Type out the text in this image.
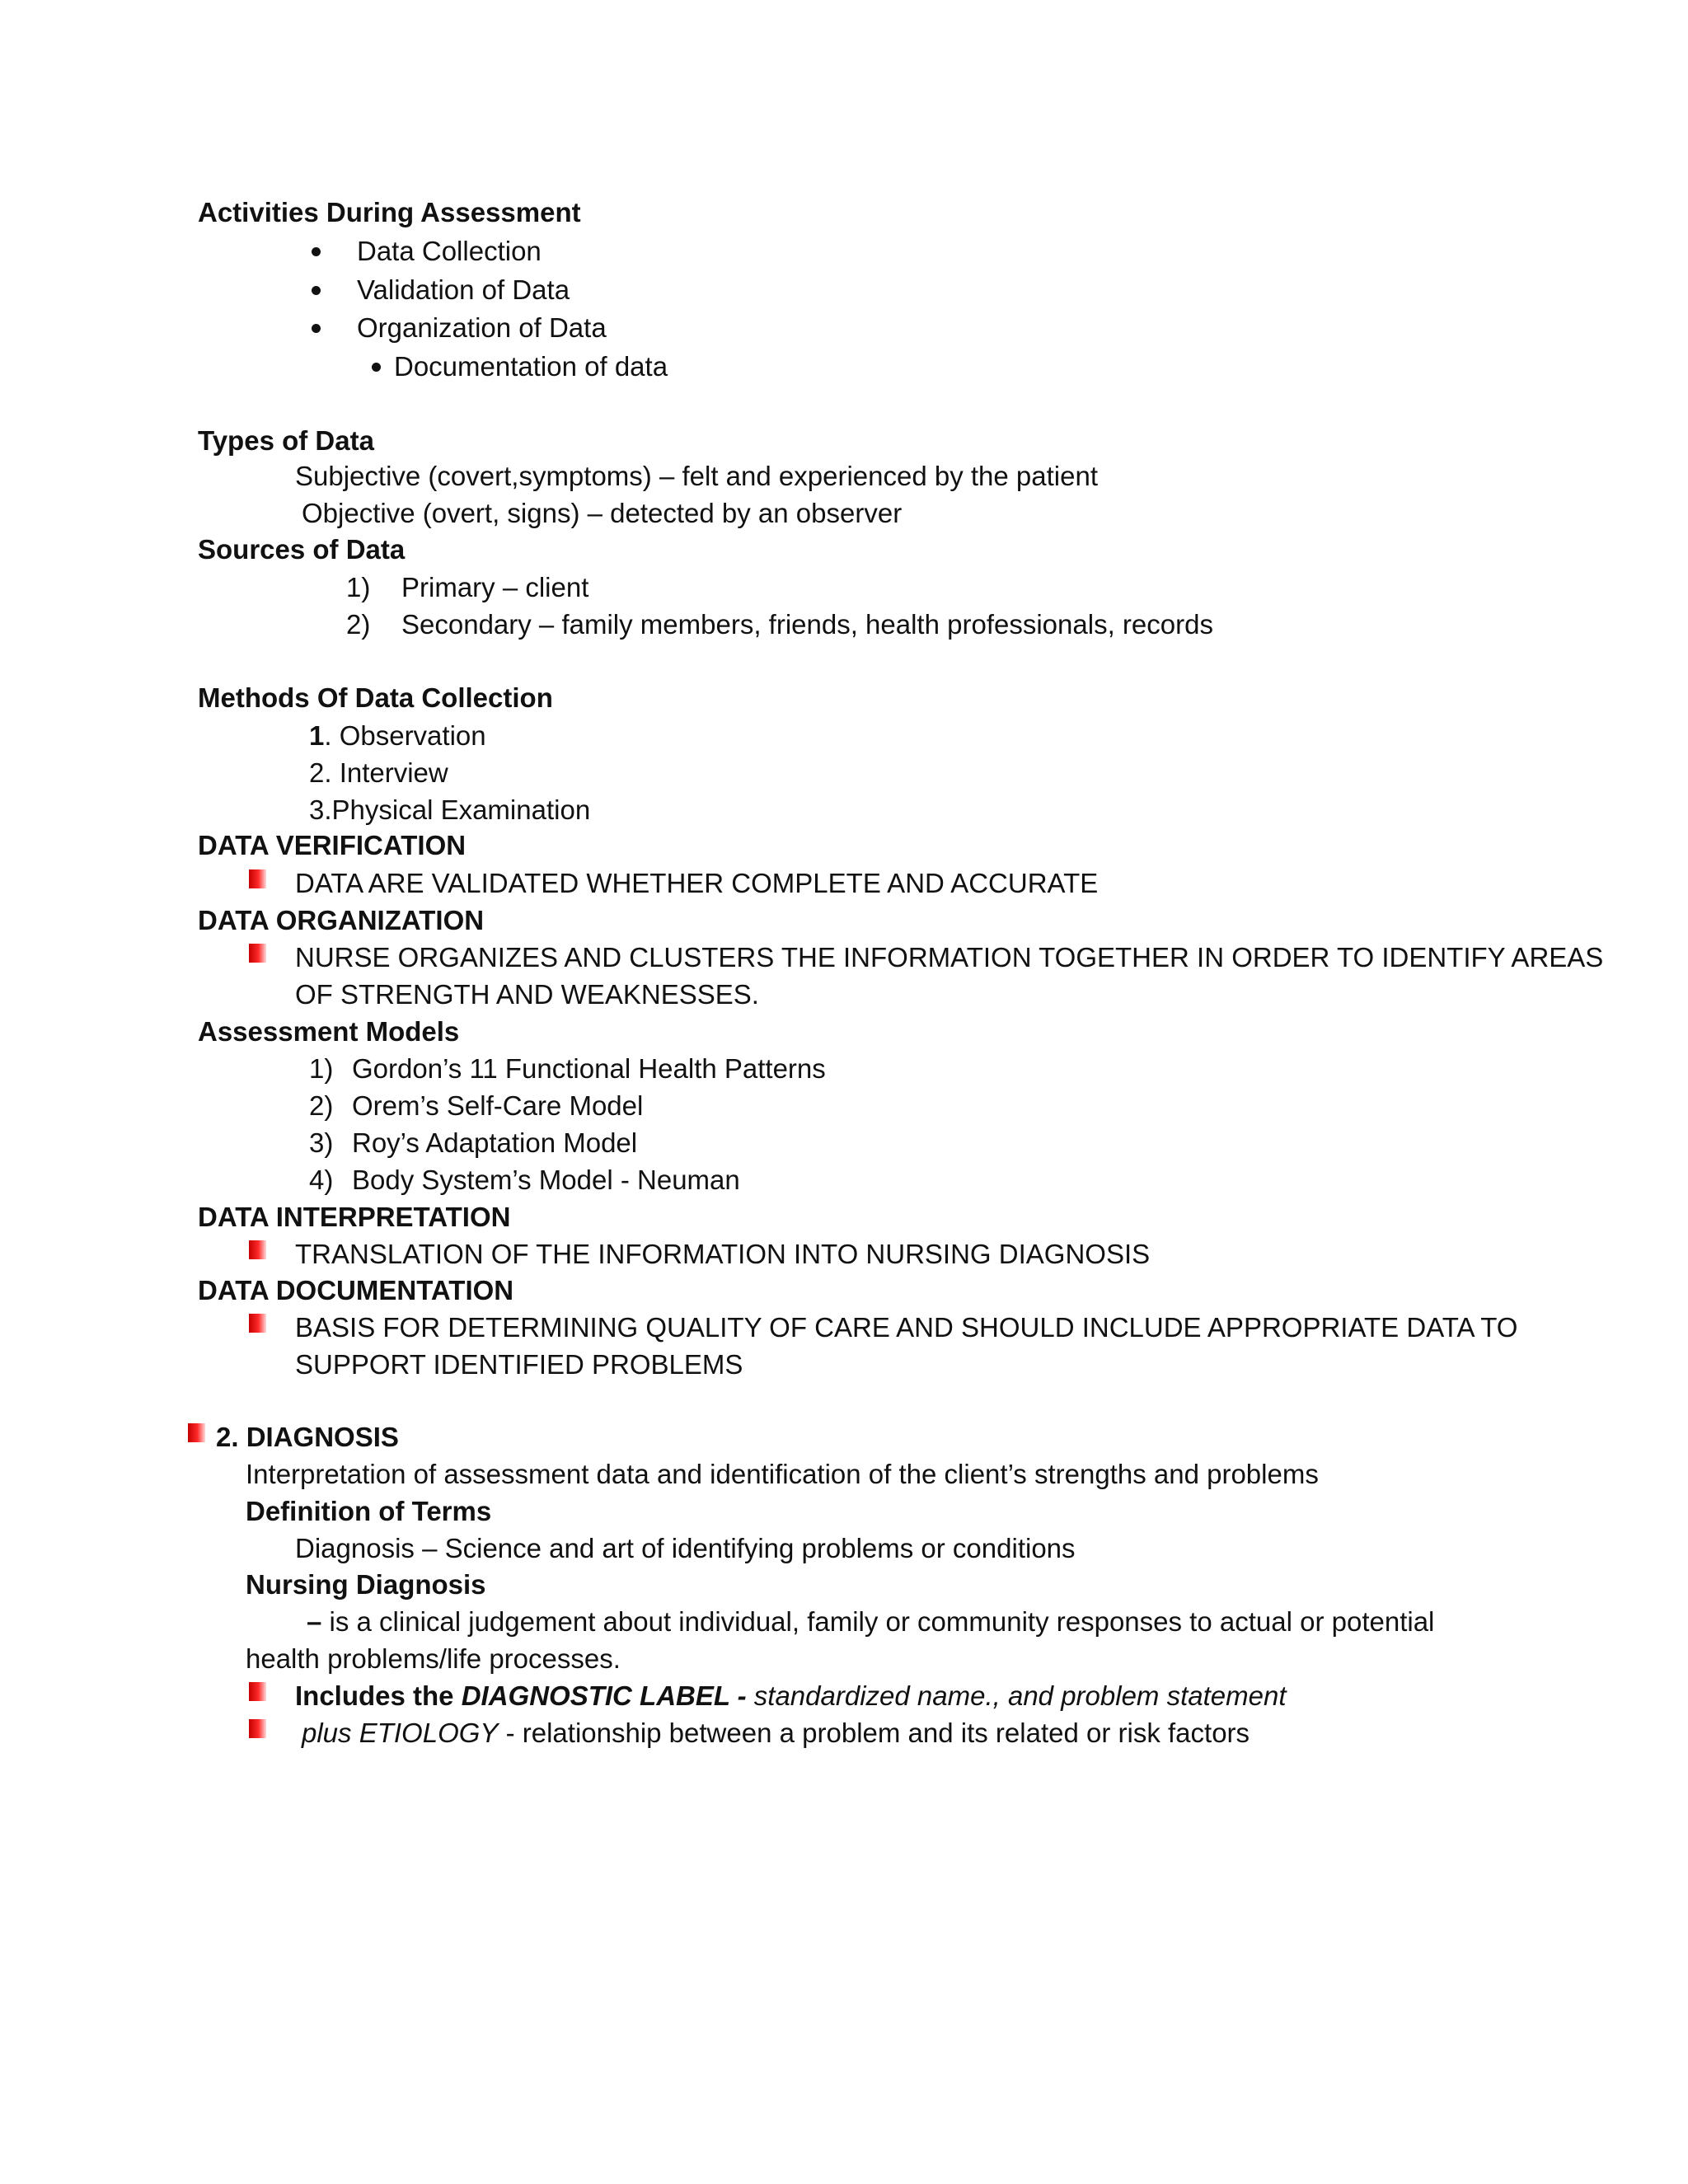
Activities During Assessment
Data Collection
Validation of Data
Organization of Data
Documentation of data
Types of Data
Subjective (covert,symptoms) – felt and experienced by the patient
Objective (overt, signs) – detected by an observer
Sources of Data
1) Primary – client
2) Secondary – family members, friends, health professionals, records
Methods Of Data Collection
1. Observation
2. Interview
3.Physical Examination
DATA VERIFICATION
DATA ARE VALIDATED WHETHER COMPLETE AND ACCURATE
DATA ORGANIZATION
NURSE ORGANIZES AND CLUSTERS THE INFORMATION TOGETHER IN ORDER TO IDENTIFY AREAS
OF STRENGTH AND WEAKNESSES.
Assessment Models
1) Gordon’s 11 Functional Health Patterns
2) Orem’s Self-Care Model
3) Roy’s Adaptation Model
4) Body System’s Model - Neuman
DATA INTERPRETATION
TRANSLATION OF THE INFORMATION INTO NURSING DIAGNOSIS
DATA DOCUMENTATION
BASIS FOR DETERMINING QUALITY OF CARE AND SHOULD INCLUDE APPROPRIATE DATA TO
SUPPORT IDENTIFIED PROBLEMS
2. DIAGNOSIS
Interpretation of assessment data and identification of the client’s strengths and problems
Definition of Terms
Diagnosis – Science and art of identifying problems or conditions
Nursing Diagnosis
– is a clinical judgement about individual, family or community responses to actual or potential
health problems/life processes.
Includes the DIAGNOSTIC LABEL - standardized name., and problem statement
plus ETIOLOGY - relationship between a problem and its related or risk factors
